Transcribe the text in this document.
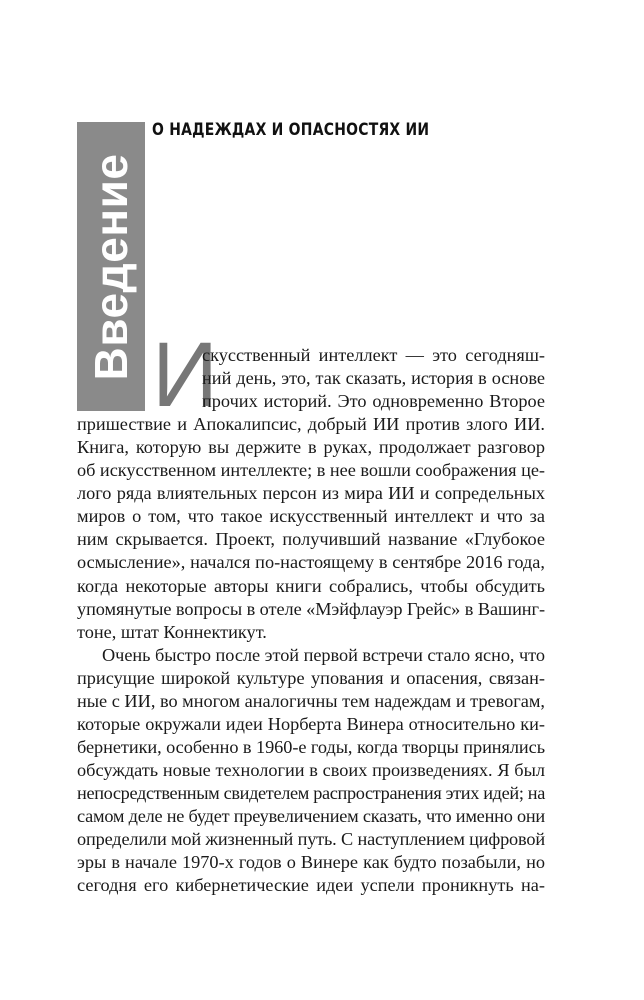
Введение
О НАДЕЖДАХ И ОПАСНОСТЯХ ИИ
И
скусственный интеллект — это сегодняш-
ний день, это, так сказать, история в основе
прочих историй. Это одновременно Второе
пришествие и Апокалипсис, добрый ИИ против злого ИИ.
Книга, которую вы держите в руках, продолжает разговор
об искусственном интеллекте; в нее вошли соображения це-
лого ряда влиятельных персон из мира ИИ и сопредельных
миров о том, что такое искусственный интеллект и что за
ним скрывается. Проект, получивший название «Глубокое
осмысление», начался по-настоящему в сентябре 2016 года,
когда некоторые авторы книги собрались, чтобы обсудить
упомянутые вопросы в отеле «Мэйфлауэр Грейс» в Вашинг-
тоне, штат Коннектикут.
Очень быстро после этой первой встречи стало ясно, что
присущие широкой культуре упования и опасения, связан-
ные с ИИ, во многом аналогичны тем надеждам и тревогам,
которые окружали идеи Норберта Винера относительно ки-
бернетики, особенно в 1960-е годы, когда творцы принялись
обсуждать новые технологии в своих произведениях. Я был
непосредственным свидетелем распространения этих идей; на
самом деле не будет преувеличением сказать, что именно они
определили мой жизненный путь. С наступлением цифровой
эры в начале 1970-х годов о Винере как будто позабыли, но
сегодня его кибернетические идеи успели проникнуть на-
